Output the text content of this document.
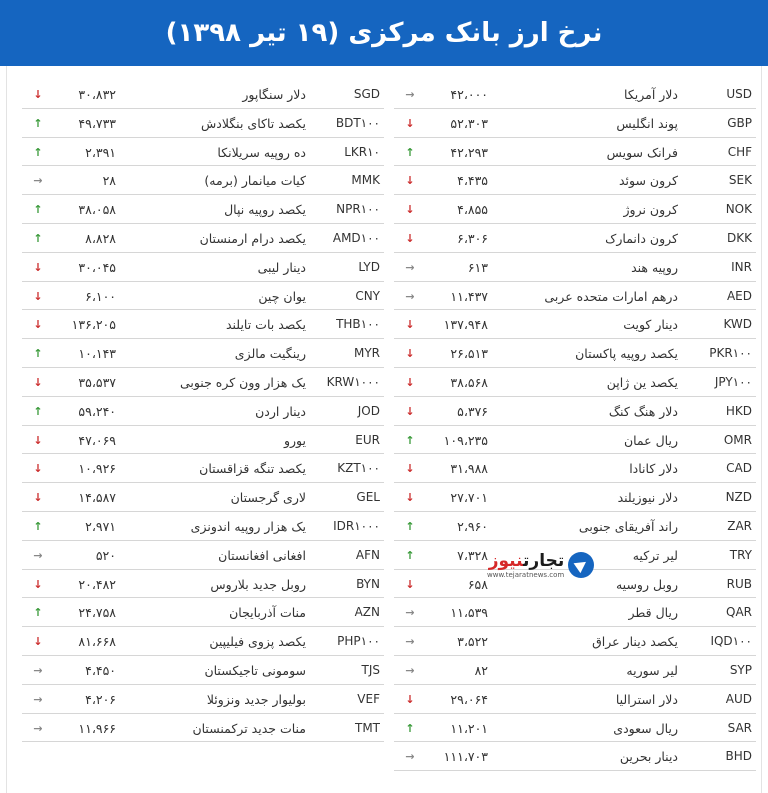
نرخ ارز بانک مرکزی (۱۹ تیر ۱۳۹۸)
→	۴۲،۰۰۰	دلار آمریکا	USD
↓	۵۲،۳۰۳	پوند انگلیس	GBP
↑	۴۲،۲۹۳	فرانک سویس	CHF
↓	۴،۴۳۵	کرون سوئد	SEK
↓	۴،۸۵۵	کرون نروژ	NOK
↓	۶،۳۰۶	کرون دانمارک	DKK
→	۶۱۳	روپیه هند	INR
→	۱۱،۴۳۷	درهم امارات متحده عربی	AED
↓ ۱۳۷،۹۴۸	دینار کویت	KWD
↓	۲۶،۵۱۳	یکصد روپیه پاکستان	PKR۱۰۰
↓	۳۸،۵۶۸	یکصد ین ژاپن	JPY۱۰۰
↓	۵،۳۷۶	دلار هنگ کنگ	HKD
↑ ۱۰۹،۲۳۵	ریال عمان	OMR
↓	۳۱،۹۸۸	دلار کانادا	CAD
↓	۲۷،۷۰۱	دلار نیوزیلند	NZD
↑	۲،۹۶۰	راند آفریقای جنوبی	ZAR
↑	۷،۳۲۸	لیر ترکیه	TRY
↓	۶۵۸	روبل روسیه	RUB
→	۱۱،۵۳۹	ریال قطر	QAR
→	۳،۵۲۲	یکصد دینار عراق	IQD۱۰۰
→	۸۲	لیر سوریه	SYP
↓	۲۹،۰۶۴	دلار استرالیا	AUD
↑	۱۱،۲۰۱	ریال سعودی	SAR
→ ۱۱۱،۷۰۳	دینار بحرین	BHD
↓	۳۰،۸۳۲	دلار سنگاپور	SGD
↑	۴۹،۷۳۳	یکصد تاکای بنگلادش BDT۱۰۰
↑	۲،۳۹۱	ده روپیه سریلانکا	LKR۱۰
→	۲۸	کیات میانمار (برمه)	MMK
↑	۳۸،۰۵۸	یکصد روپیه نپال	NPR۱۰۰
↑	۸،۸۲۸	یکصد درام ارمنستان AMD۱۰۰
↓	۳۰،۰۴۵	دینار لیبی	LYD
↓	۶،۱۰۰	یوان چین	CNY
↓ ۱۳۶،۲۰۵	یکصد بات تایلند	THB۱۰۰
↑	۱۰،۱۴۳	رینگیت مالزی	MYR
↓	۳۵،۵۳۷	یک هزار وون کره جنوبی KRW۱۰۰۰
↑	۵۹،۲۴۰	دینار اردن	JOD
↓	۴۷،۰۶۹	یورو	EUR
↓	۱۰،۹۲۶	یکصد تنگه قزاقستان	KZT۱۰۰
↓	۱۴،۵۸۷	لاری گرجستان	GEL
↑	۲،۹۷۱	یک هزار روپیه اندونزی IDR۱۰۰۰
→	۵۲۰	افغانی افغانستان	AFN
↓	۲۰،۴۸۲	روبل جدید بلاروس	BYN
↑	۲۴،۷۵۸	منات آذربایجان	AZN
↓	۸۱،۶۶۸	یکصد پزوی فیلیپین	PHP۱۰۰
→	۴،۴۵۰	سومونی تاجیکستان	TJS
→	۴،۲۰۶	بولیوار جدید ونزوئلا	VEF
→	۱۱،۹۶۶	منات جدید ترکمنستان	TMT
تجارتنیوز
www.tejaratnews.com
